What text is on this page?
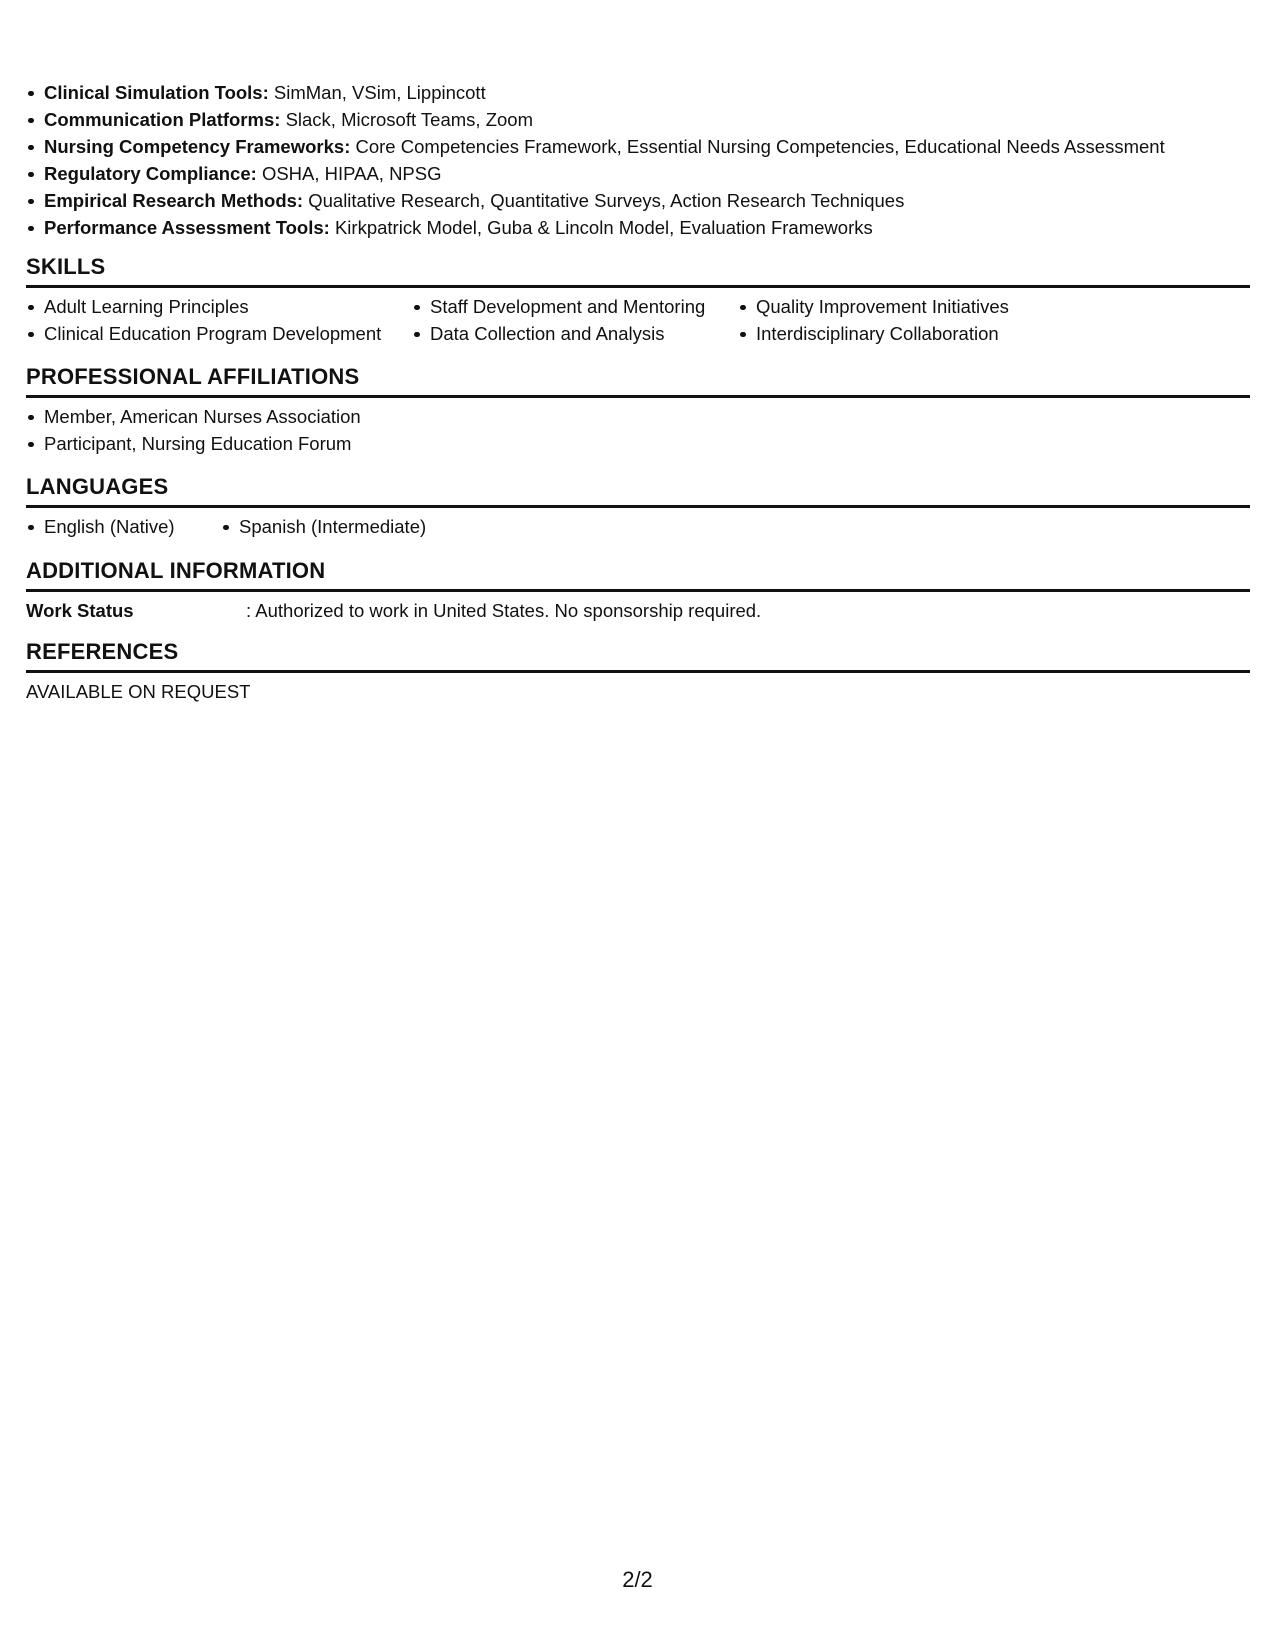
Clinical Simulation Tools: SimMan, VSim, Lippincott
Communication Platforms: Slack, Microsoft Teams, Zoom
Nursing Competency Frameworks: Core Competencies Framework, Essential Nursing Competencies, Educational Needs Assessment
Regulatory Compliance: OSHA, HIPAA, NPSG
Empirical Research Methods: Qualitative Research, Quantitative Surveys, Action Research Techniques
Performance Assessment Tools: Kirkpatrick Model, Guba & Lincoln Model, Evaluation Frameworks
SKILLS
Adult Learning Principles
Clinical Education Program Development
Staff Development and Mentoring
Data Collection and Analysis
Quality Improvement Initiatives
Interdisciplinary Collaboration
PROFESSIONAL AFFILIATIONS
Member, American Nurses Association
Participant, Nursing Education Forum
LANGUAGES
English (Native)	Spanish (Intermediate)
ADDITIONAL INFORMATION
Work Status	: Authorized to work in United States. No sponsorship required.
REFERENCES
AVAILABLE ON REQUEST
2/2
